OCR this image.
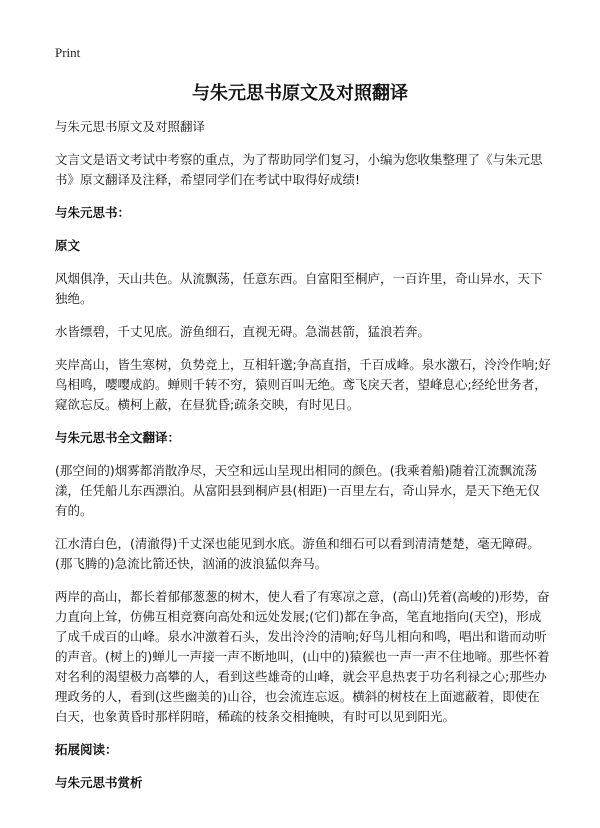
Print
与朱元思书原文及对照翻译

与朱元思书原文及对照翻译

文言文是语文考试中考察的重点，为了帮助同学们复习，小编为您收集整理了《与朱元思书》原文翻译及注释，希望同学们在考试中取得好成绩!

与朱元思书：
原文

风烟俱净，天山共色。从流飘荡，任意东西。自富阳至桐庐，一百许里，奇山异水，天下独绝。

水皆缥碧，千丈见底。游鱼细石，直视无碍。急湍甚箭，猛浪若奔。

夹岸高山，皆生寒树，负势竞上，互相轩邈;争高直指，千百成峰。泉水激石，泠泠作响;好鸟相鸣，嘤嘤成韵。蝉则千转不穷，猿则百叫无绝。鸢飞戾天者，望峰息心;经纶世务者，窥欲忘反。横柯上蔽，在昼犹昏;疏条交映，有时见日。

与朱元思书全文翻译：

(那空间的)烟雾都消散净尽，天空和远山呈现出相同的颜色。(我乘着船)随着江流飘流荡漾，任凭船儿东西漂泊。从富阳县到桐庐县(相距)一百里左右，奇山异水，是天下绝无仅有的。

江水清白色，(清澈得)千丈深也能见到水底。游鱼和细石可以看到清清楚楚，毫无障碍。(那飞腾的)急流比箭还快，汹涌的波浪猛似奔马。

两岸的高山，都长着郁郁葱葱的树木，使人看了有寒凉之意，(高山)凭着(高峻的)形势，奋力直向上耸，仿佛互相竞赛向高处和远处发展;(它们)都在争高，笔直地指向(天空)，形成了成千成百的山峰。泉水冲激着石头，发出泠泠的清响;好鸟儿相向和鸣，唱出和谐而动听的声音。(树上的)蝉儿一声接一声不断地叫，(山中的)猿猴也一声一声不住地啼。那些怀着对名利的渴望极力高攀的人，看到这些雄奇的山峰，就会平息热衷于功名利禄之心;那些办理政务的人，看到(这些幽美的)山谷，也会流连忘返。横斜的树枝在上面遮蔽着，即使在白天，也象黄昏时那样阴暗，稀疏的枝条交相掩映，有时可以见到阳光。

拓展阅读：
与朱元思书赏析
